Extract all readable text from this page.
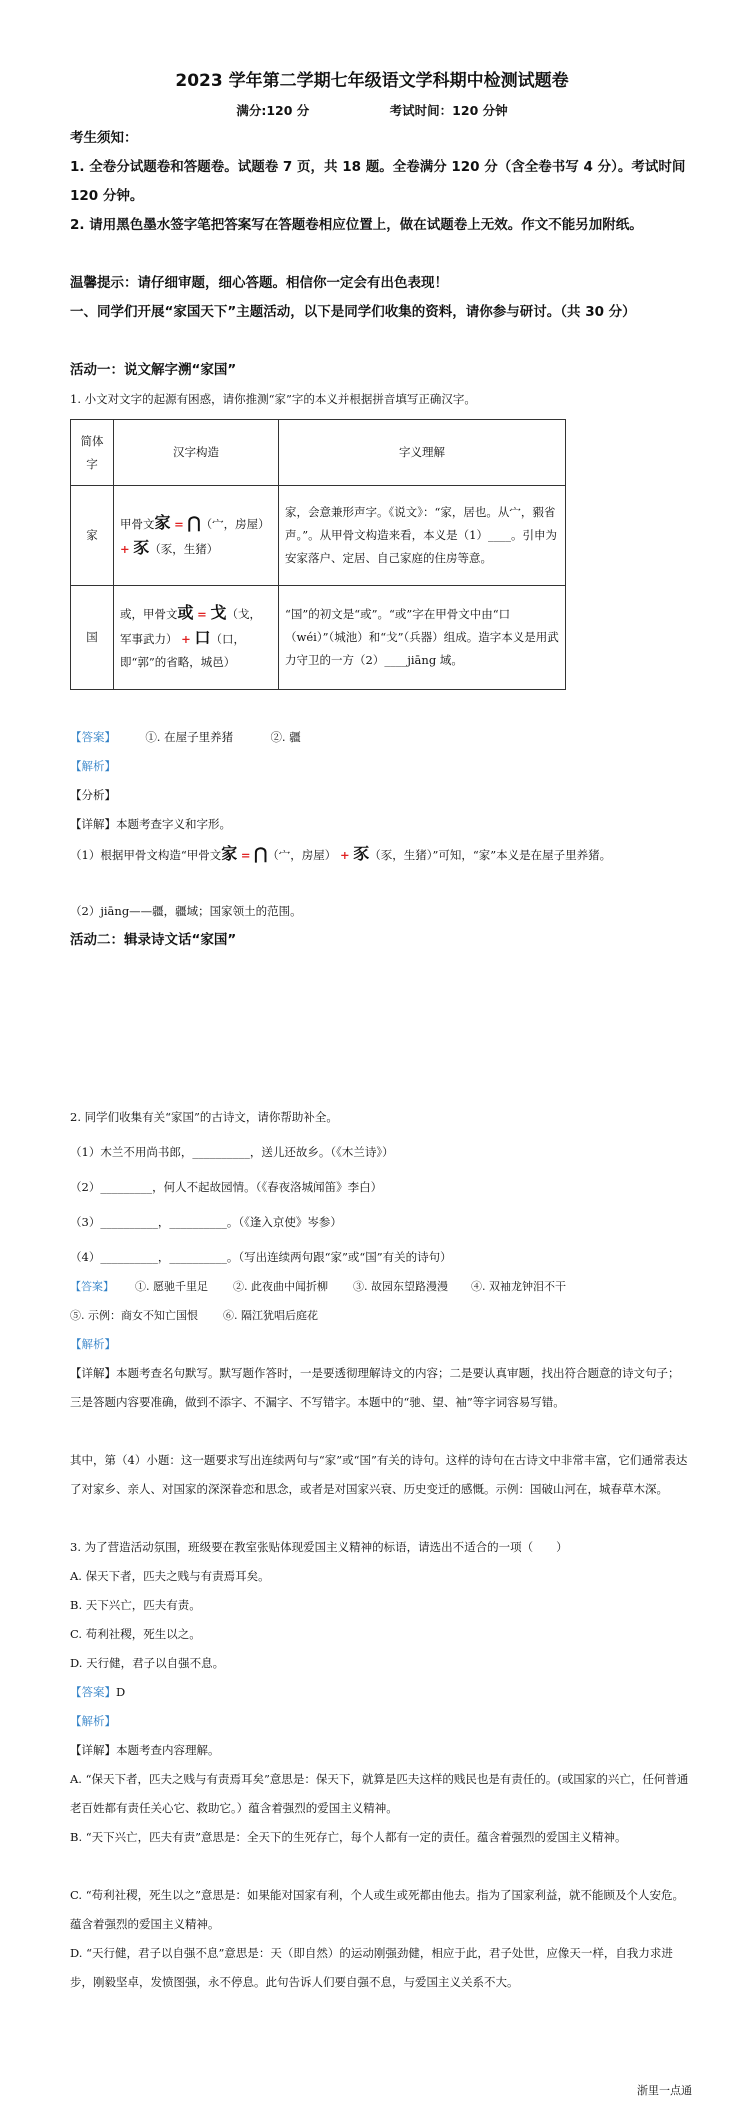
2023 学年第二学期七年级语文学科期中检测试题卷
满分:120 分	考试时间：120 分钟
考生须知：
1. 全卷分试题卷和答题卷。试题卷 7 页，共 18 题。全卷满分 120 分（含全卷书写 4 分）。考试时间 120 分钟。
2. 请用黑色墨水签字笔把答案写在答题卷相应位置上，做在试题卷上无效。作文不能另加附纸。
温馨提示：请仔细审题，细心答题。相信你一定会有出色表现！
一、同学们开展“家国天下”主题活动，以下是同学们收集的资料，请你参与研讨。（共 30 分）
活动一：说文解字溯“家国”
1. 小文对文字的起源有困惑，请你推测“家”字的本义并根据拼音填写正确汉字。
简体字	汉字构造	字义理解
家	甲骨文家 = ⋂（宀，房屋） + 豕（豕，生猪）	家，会意兼形声字。《说文》：“家，居也。从宀，豭省声。”。从甲骨文构造来看，本义是（1）____。引申为安家落户、定居、自己家庭的住房等意。
国	或，甲骨文或 = 戈（戈，军事武力） + 口（口，即“郭”的省略，城邑）	“国”的初文是“或”。“或”字在甲骨文中由“口（wéi）”（城池）和“戈”（兵器）组成。造字本义是用武力守卫的一方（2）____jiāng 域。
【答案】	①. 在屋子里养猪	②. 疆
【解析】
【分析】
【详解】本题考查字义和字形。
（1）根据甲骨文构造“甲骨文家 = ⋂（宀，房屋） + 豕（豕，生猪）”可知，“家”本义是在屋子里养猪。
（2）jiāng——疆，疆域；国家领土的范围。
活动二：辑录诗文话“家国”
2. 同学们收集有关“家国”的古诗文，请你帮助补全。
（1）木兰不用尚书郎，__________，送儿还故乡。（《木兰诗》）
（2）_________，何人不起故园情。（《春夜洛城闻笛》李白）
（3）__________，__________。（《逢入京使》岑参）
（4）__________，__________。（写出连续两句跟“家”或“国”有关的诗句）
【答案】 ①. 愿驰千里足 ②. 此夜曲中闻折柳 ③. 故园东望路漫漫 ④. 双袖龙钟泪不干
⑤. 示例：商女不知亡国恨 ⑥. 隔江犹唱后庭花
【解析】
【详解】本题考查名句默写。默写题作答时，一是要透彻理解诗文的内容；二是要认真审题，找出符合题意的诗文句子；三是答题内容要准确，做到不添字、不漏字、不写错字。本题中的“驰、望、袖”等字词容易写错。
其中，第（4）小题：这一题要求写出连续两句与“家”或“国”有关的诗句。这样的诗句在古诗文中非常丰富，它们通常表达了对家乡、亲人、对国家的深深眷恋和思念，或者是对国家兴衰、历史变迁的感慨。示例：国破山河在，城春草木深。
3. 为了营造活动氛围，班级要在教室张贴体现爱国主义精神的标语，请选出不适合的一项（　　）
A. 保天下者，匹夫之贱与有责焉耳矣。
B. 天下兴亡，匹夫有责。
C. 苟利社稷，死生以之。
D. 天行健，君子以自强不息。
【答案】D
【解析】
【详解】本题考查内容理解。
A. “保天下者，匹夫之贱与有责焉耳矣”意思是：保天下，就算是匹夫这样的贱民也是有责任的。(或国家的兴亡，任何普通老百姓都有责任关心它、救助它。）蕴含着强烈的爱国主义精神。
B. “天下兴亡，匹夫有责”意思是：全天下的生死存亡，每个人都有一定的责任。蕴含着强烈的爱国主义精神。
C. “苟利社稷，死生以之”意思是：如果能对国家有利，个人或生或死都由他去。指为了国家利益，就不能顾及个人安危。蕴含着强烈的爱国主义精神。
D. “天行健，君子以自强不息”意思是：天（即自然）的运动刚强劲健，相应于此，君子处世，应像天一样，自我力求进步，刚毅坚卓，发愤图强，永不停息。此句告诉人们要自强不息，与爱国主义关系不大。
浙里一点通
